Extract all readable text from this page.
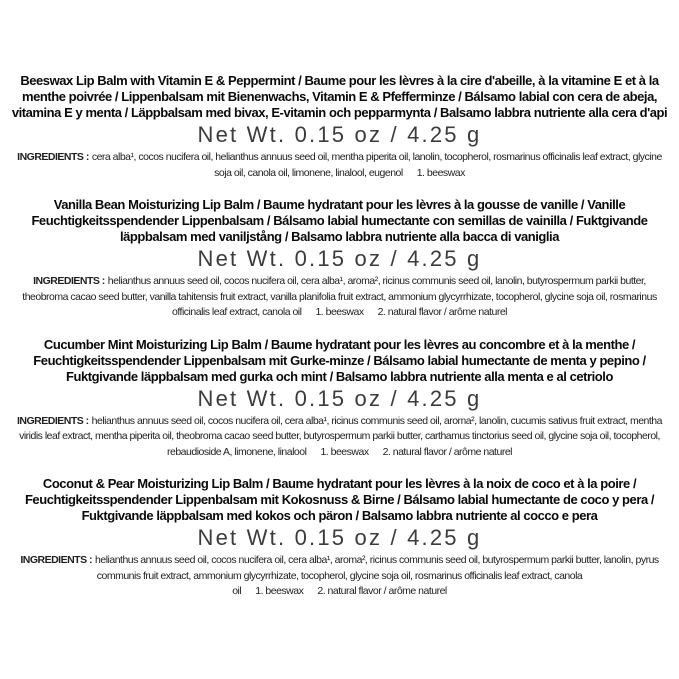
Beeswax Lip Balm with Vitamin E & Peppermint / Baume pour les lèvres à la cire d'abeille, à la vitamine E et à la menthe poivrée / Lippenbalsam mit Bienenwachs, Vitamin E & Pfefferminze / Bálsamo labial con cera de abeja, vitamina E y menta / Läppbalsam med bivax, E-vitamin och pepparmynta / Balsamo labbra nutriente alla cera d'api

Net Wt. 0.15 oz / 4.25 g

INGREDIENTS : cera alba¹, cocos nucifera oil, helianthus annuus seed oil, mentha piperita oil, lanolin, tocopherol, rosmarinus officinalis leaf extract, glycine soja oil, canola oil, limonene, linalool, eugenol 1. beeswax

Vanilla Bean Moisturizing Lip Balm / Baume hydratant pour les lèvres à la gousse de vanille / Vanille Feuchtigkeitsspendender Lippenbalsam / Bálsamo labial humectante con semillas de vainilla / Fuktgivande läppbalsam med vaniljstång / Balsamo labbra nutriente alla bacca di vaniglia

Net Wt. 0.15 oz / 4.25 g

INGREDIENTS : helianthus annuus seed oil, cocos nucifera oil, cera alba¹, aroma², ricinus communis seed oil, lanolin, butyrospermum parkii butter, theobroma cacao seed butter, vanilla tahitensis fruit extract, vanilla planifolia fruit extract, ammonium glycyrrhizate, tocopherol, glycine soja oil, rosmarinus officinalis leaf extract, canola oil 1. beeswax 2. natural flavor / arôme naturel

Cucumber Mint Moisturizing Lip Balm / Baume hydratant pour les lèvres au concombre et à la menthe / Feuchtigkeitsspendender Lippenbalsam mit Gurke-minze / Bálsamo labial humectante de menta y pepino / Fuktgivande läppbalsam med gurka och mint / Balsamo labbra nutriente alla menta e al cetriolo

Net Wt. 0.15 oz / 4.25 g

INGREDIENTS : helianthus annuus seed oil, cocos nucifera oil, cera alba¹, ricinus communis seed oil, aroma², lanolin, cucumis sativus fruit extract, mentha viridis leaf extract, mentha piperita oil, theobroma cacao seed butter, butyrospermum parkii butter, carthamus tinctorius seed oil, glycine soja oil, tocopherol, rebaudioside A, limonene, linalool 1. beeswax 2. natural flavor / arôme naturel

Coconut & Pear Moisturizing Lip Balm / Baume hydratant pour les lèvres à la noix de coco et à la poire / Feuchtigkeitsspendender Lippenbalsam mit Kokosnuss & Birne / Bálsamo labial humectante de coco y pera / Fuktgivande läppbalsam med kokos och päron / Balsamo labbra nutriente al cocco e pera

Net Wt. 0.15 oz / 4.25 g

INGREDIENTS : helianthus annuus seed oil, cocos nucifera oil, cera alba¹, aroma², ricinus communis seed oil, butyrospermum parkii butter, lanolin, pyrus communis fruit extract, ammonium glycyrrhizate, tocopherol, glycine soja oil, rosmarinus officinalis leaf extract, canola oil 1. beeswax 2. natural flavor / arôme naturel
